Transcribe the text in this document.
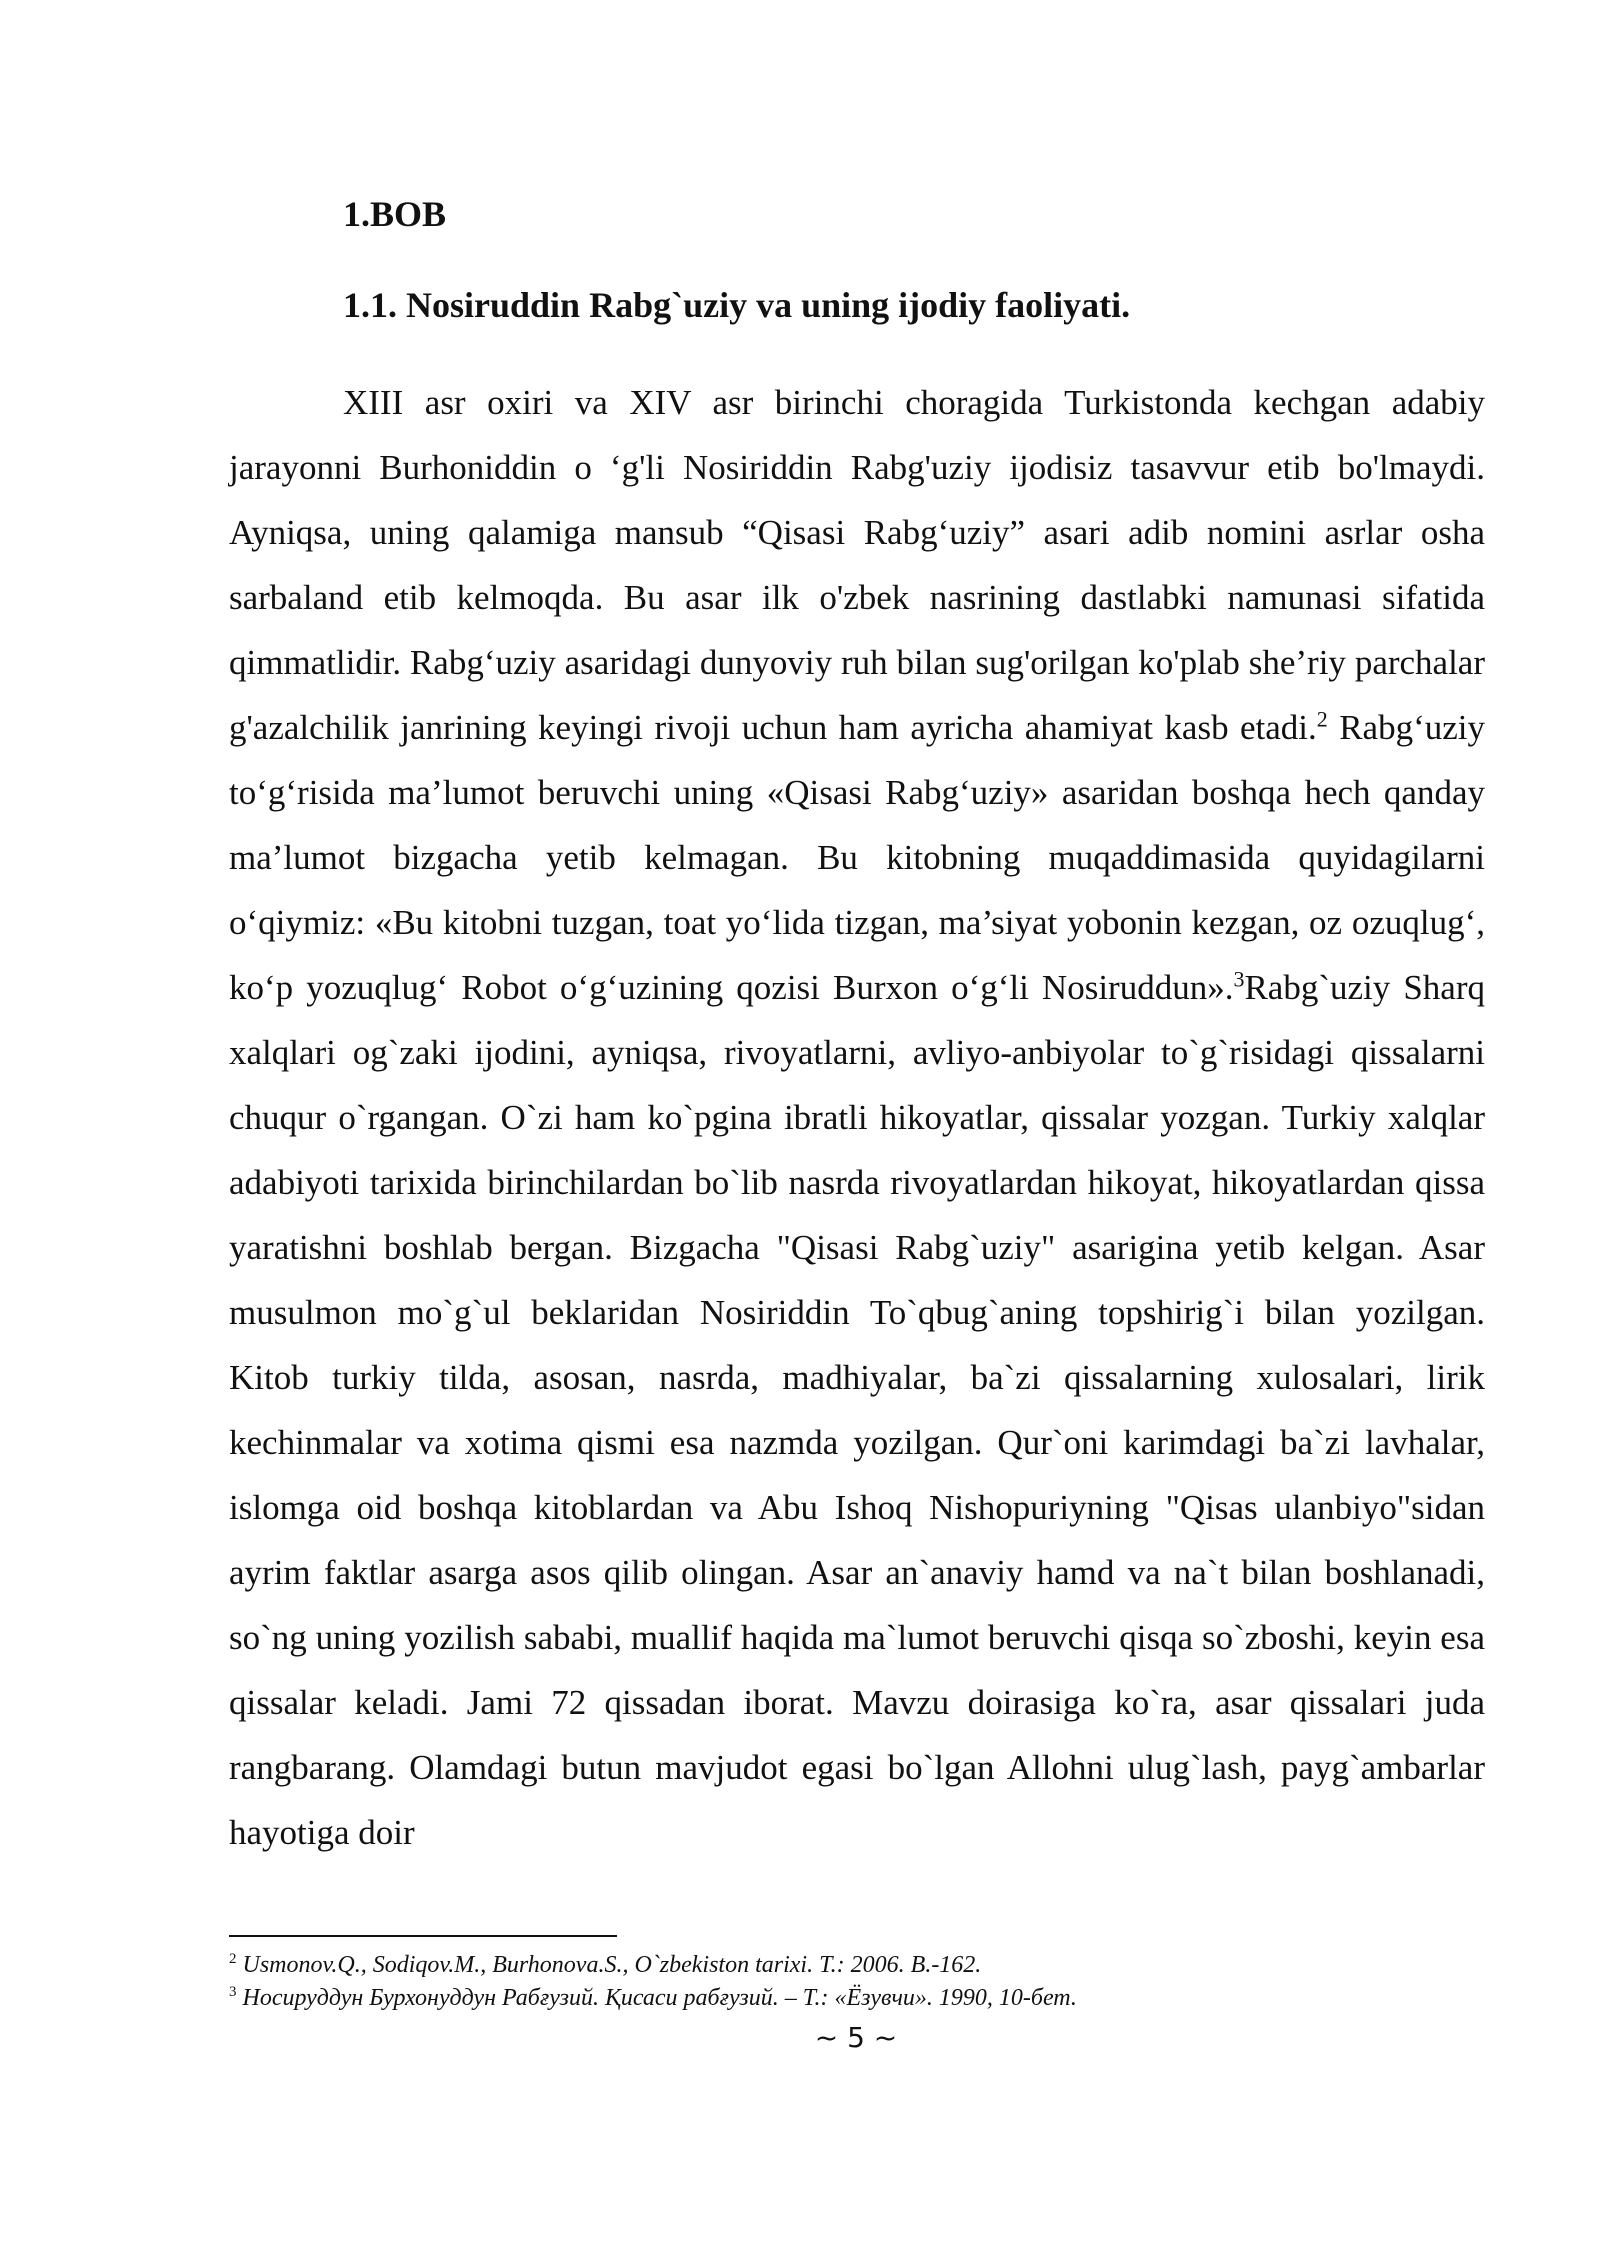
1.BOB
1.1. Nosiruddin Rabg`uziy va uning ijodiy faoliyati.

XIII asr oxiri va XIV asr birinchi choragida Turkistonda kechgan adabiy jarayonni Burhoniddin o ‘g'li Nosiriddin Rabg'uziy ijodisiz tasavvur etib bo'lmaydi. Ayniqsa, uning qalamiga mansub “Qisasi Rabg‘uziy” asari adib nomini asrlar osha sarbaland etib kelmoqda. Bu asar ilk o'zbek nasrining dastlabki namunasi sifatida qimmatlidir. Rabg‘uziy asaridagi dunyoviy ruh bilan sug'orilgan ko'plab she’riy parchalar g'azalchilik janrining keyingi rivoji uchun ham ayricha ahamiyat kasb etadi.$^2$ Rabg‘uziy to‘g‘risida ma’lumot beruvchi uning «Qisasi Rabg‘uziy» asaridan boshqa hech qanday ma’lumot bizgacha yetib kelmagan. Bu kitobning muqaddimasida quyidagilarni o‘qiymiz: «Bu kitobni tuzgan, toat yo‘lida tizgan, ma’siyat yobonin kezgan, oz ozuqlug‘, ko‘p yozuqlug‘ Robot o‘g‘uzining qozisi Burxon o‘g‘li Nosiruddun».$^3$Rabg`uziy Sharq xalqlari og`zaki ijodini, ayniqsa, rivoyatlarni, avliyo-anbiyolar to`g`risidagi qissalarni chuqur o`rgangan. O`zi ham ko`pgina ibratli hikoyatlar, qissalar yozgan. Turkiy xalqlar adabiyoti tarixida birinchilardan bo`lib nasrda rivoyatlardan hikoyat, hikoyatlardan qissa yaratishni boshlab bergan. Bizgacha "Qisasi Rabg`uziy" asarigina yetib kelgan. Asar musulmon mo`g`ul beklaridan Nosiriddin To`qbug`aning topshirig`i bilan yozilgan. Kitob turkiy tilda, asosan, nasrda, madhiyalar, ba`zi qissalarning xulosalari, lirik kechinmalar va xotima qismi esa nazmda yozilgan. Qur`oni karimdagi ba`zi lavhalar, islomga oid boshqa kitoblardan va Abu Ishoq Nishopuriyning "Qisas ulanbiyo"sidan ayrim faktlar asarga asos qilib olingan. Asar an`anaviy hamd va na`t bilan boshlanadi, so`ng uning yozilish sababi, muallif haqida ma`lumot beruvchi qisqa so`zboshi, keyin esa qissalar keladi. Jami 72 qissadan iborat. Mavzu doirasiga ko`ra, asar qissalari juda rangbarang. Olamdagi butun mavjudot egasi bo`lgan Allohni ulug`lash, payg`ambarlar hayotiga doir

$^2$ Usmonov.Q., Sodiqov.M., Burhonova.S., O`zbekiston tarixi. T.: 2006. B.-162.

$^3$ Носируддун Бурхонуддун Рабғузий. Қисаси рабғузий. – Т.: «Ёзувчи». 1990, 10-бет.

~ 5 ~
